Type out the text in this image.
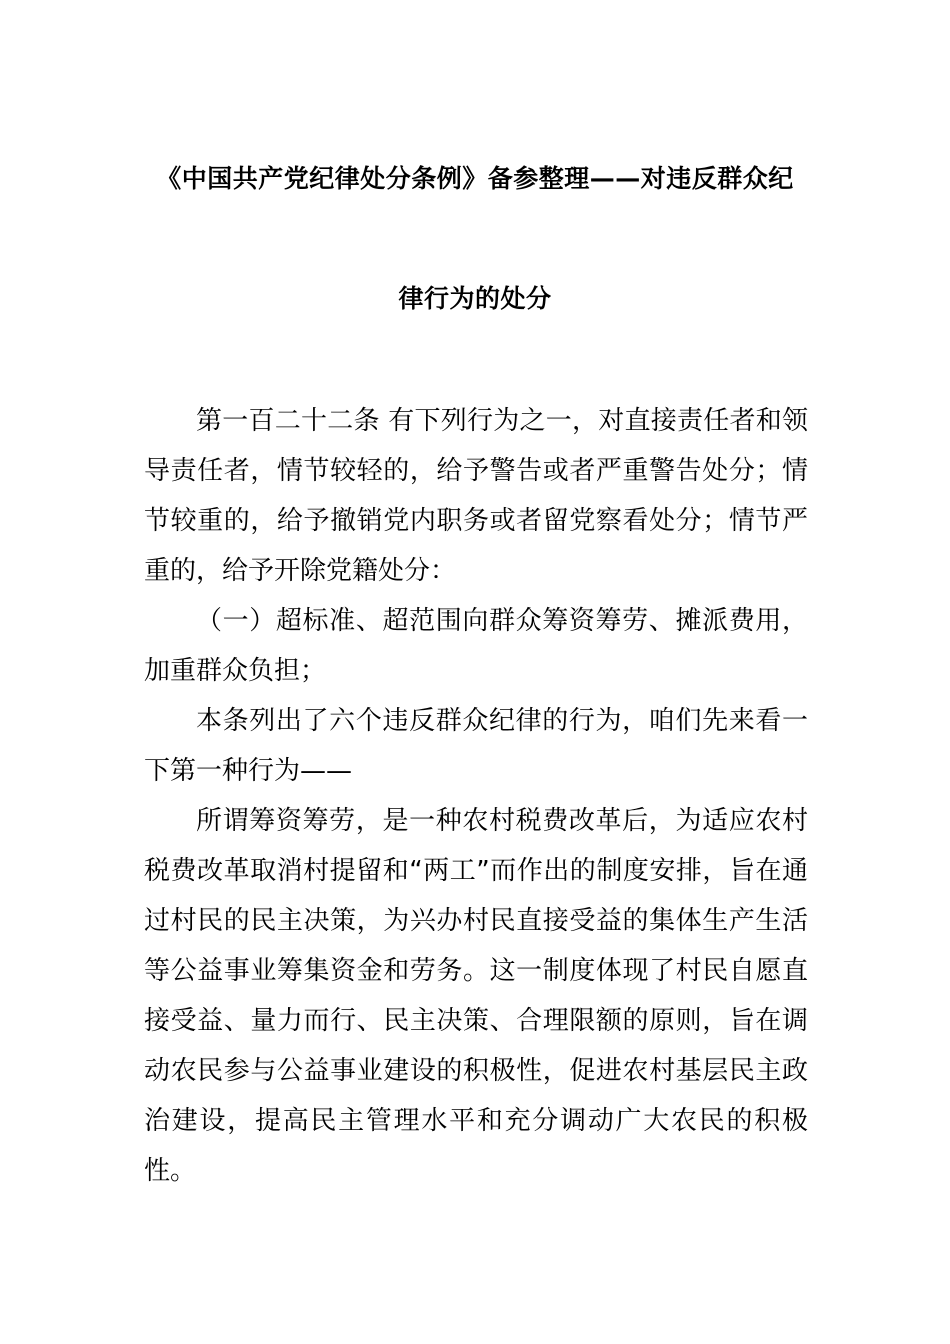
《中国共产党纪律处分条例》备参整理——对违反群众纪
律行为的处分

第一百二十二条 有下列行为之一，对直接责任者和领导责任者，情节较轻的，给予警告或者严重警告处分；情节较重的，给予撤销党内职务或者留党察看处分；情节严重的，给予开除党籍处分：

（一）超标准、超范围向群众筹资筹劳、摊派费用，加重群众负担；

本条列出了六个违反群众纪律的行为，咱们先来看一下第一种行为——

所谓筹资筹劳，是一种农村税费改革后，为适应农村税费改革取消村提留和“两工”而作出的制度安排，旨在通过村民的民主决策，为兴办村民直接受益的集体生产生活等公益事业筹集资金和劳务。这一制度体现了村民自愿直接受益、量力而行、民主决策、合理限额的原则，旨在调动农民参与公益事业建设的积极性，促进农村基层民主政治建设，提高民主管理水平和充分调动广大农民的积极性。
